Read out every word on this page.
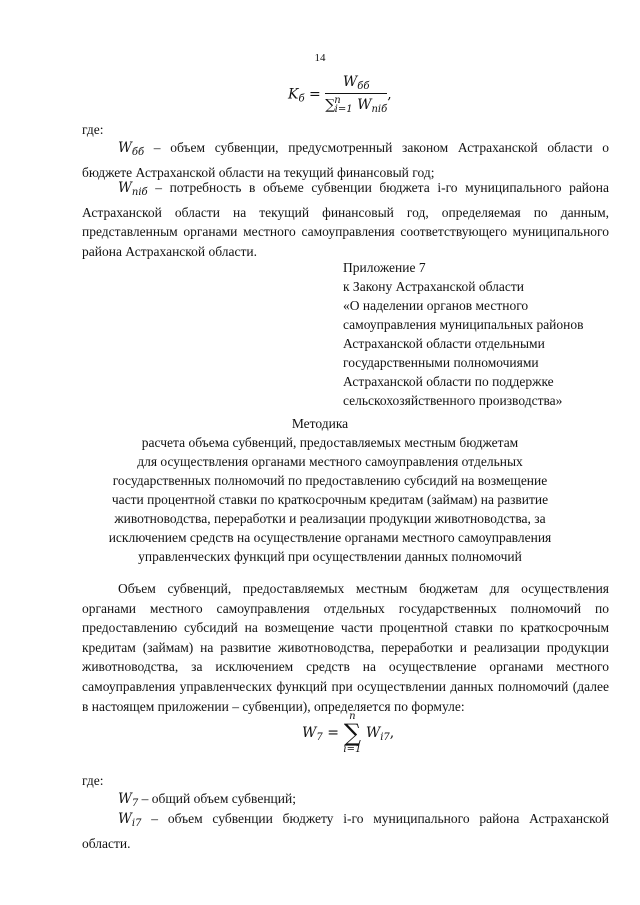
14
$K_б = \frac{W_{бб}}{\sum^n_{i=1} W_{пiб}}$ ,
где:
$W_{бб}$ – объем субвенции, предусмотренный законом Астраханской области о бюджете Астраханской области на текущий финансовый год;
$W_{пiб}$ – потребность в объеме субвенции бюджета i-го муниципального района Астраханской области на текущий финансовый год, определяемая по данным, представленным органами местного самоуправления соответствующего муниципального района Астраханской области.
Приложение 7
к Закону Астраханской области
«О наделении органов местного
самоуправления муниципальных районов
Астраханской области отдельными
государственными полномочиями
Астраханской области по поддержке
сельскохозяйственного производства»
Методика
расчета объема субвенций, предоставляемых местным бюджетам
для осуществления органами местного самоуправления отдельных
государственных полномочий по предоставлению субсидий на возмещение
части процентной ставки по краткосрочным кредитам (займам) на развитие
животноводства, переработки и реализации продукции животноводства, за
исключением средств на осуществление органами местного самоуправления
управленческих функций при осуществлении данных полномочий
Объем субвенций, предоставляемых местным бюджетам для осуществления органами местного самоуправления отдельных государственных полномочий по предоставлению субсидий на возмещение части процентной ставки по краткосрочным кредитам (займам) на развитие животноводства, переработки и реализации продукции животноводства, за исключением средств на осуществление органами местного самоуправления управленческих функций при осуществлении данных полномочий (далее в настоящем приложении – субвенции), определяется по формуле:
$W_7$ =
n
∑
i=1
$W_{i7}$,
где:
$W_7$ – общий объем субвенций;
$W_{i7}$ – объем субвенции бюджету i-го муниципального района Астраханской области.
